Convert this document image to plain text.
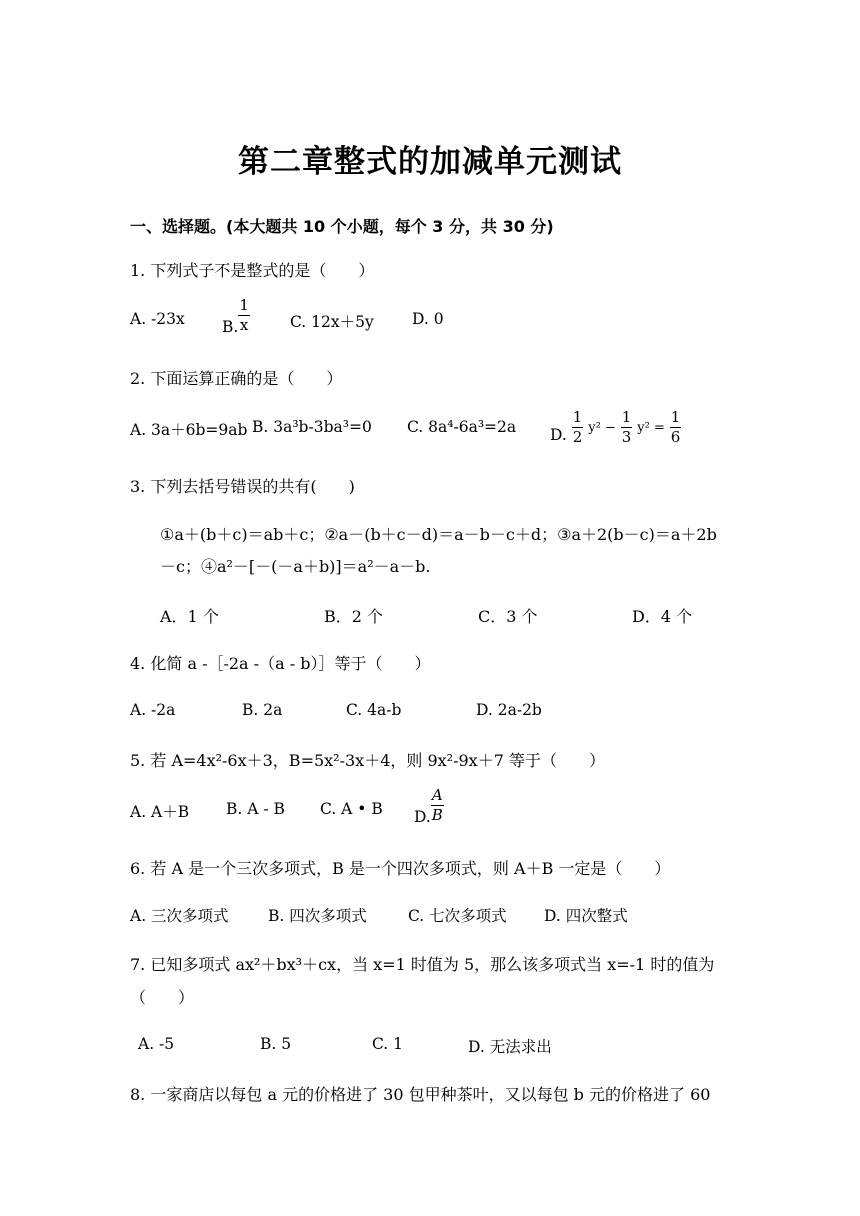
第二章整式的加减单元测试
一、选择题。(本大题共 10 个小题，每个 3 分，共 30 分)
1. 下列式子不是整式的是（　　）
A. -23x B. $\frac{1}{x}$	C. 12x＋5y D. 0
2. 下面运算正确的是（　　）
A. 3a＋6b=9ab B. 3a³b-3ba³=0 C. 8a⁴-6a³=2a D. $\frac{1}{2} y^2 - \frac{1}{3} y^2 = \frac{1}{6}$
3. 下列去括号错误的共有(　　)
①a＋(b＋c)＝ab＋c；②a－(b＋c－d)＝a－b－c＋d；③a＋2(b－c)＝a＋2b
－c；④a²－[－(－a＋b)]＝a²－a－b.
A．1 个	B．2 个	C．3 个	D．4 个
4. 化简 a -［-2a -（a - b）］等于（　　）
A. -2a	B. 2a	C. 4a-b	D. 2a-2b
5. 若 A=4x²-6x＋3，B=5x²-3x＋4，则 9x²-9x＋7 等于（　　）
A. A＋B B. A - B C. A • B D. $\frac{A}{B}$
6. 若 A 是一个三次多项式，B 是一个四次多项式，则 A＋B 一定是（　　）
A. 三次多项式	B. 四次多项式	C. 七次多项式 D. 四次整式
7. 已知多项式 ax²＋bx³＋cx，当 x=1 时值为 5，那么该多项式当 x=-1 时的值为
（　　）
A. -5	B. 5	C. 1	D. 无法求出
8. 一家商店以每包 a 元的价格进了 30 包甲种茶叶，又以每包 b 元的价格进了 60
